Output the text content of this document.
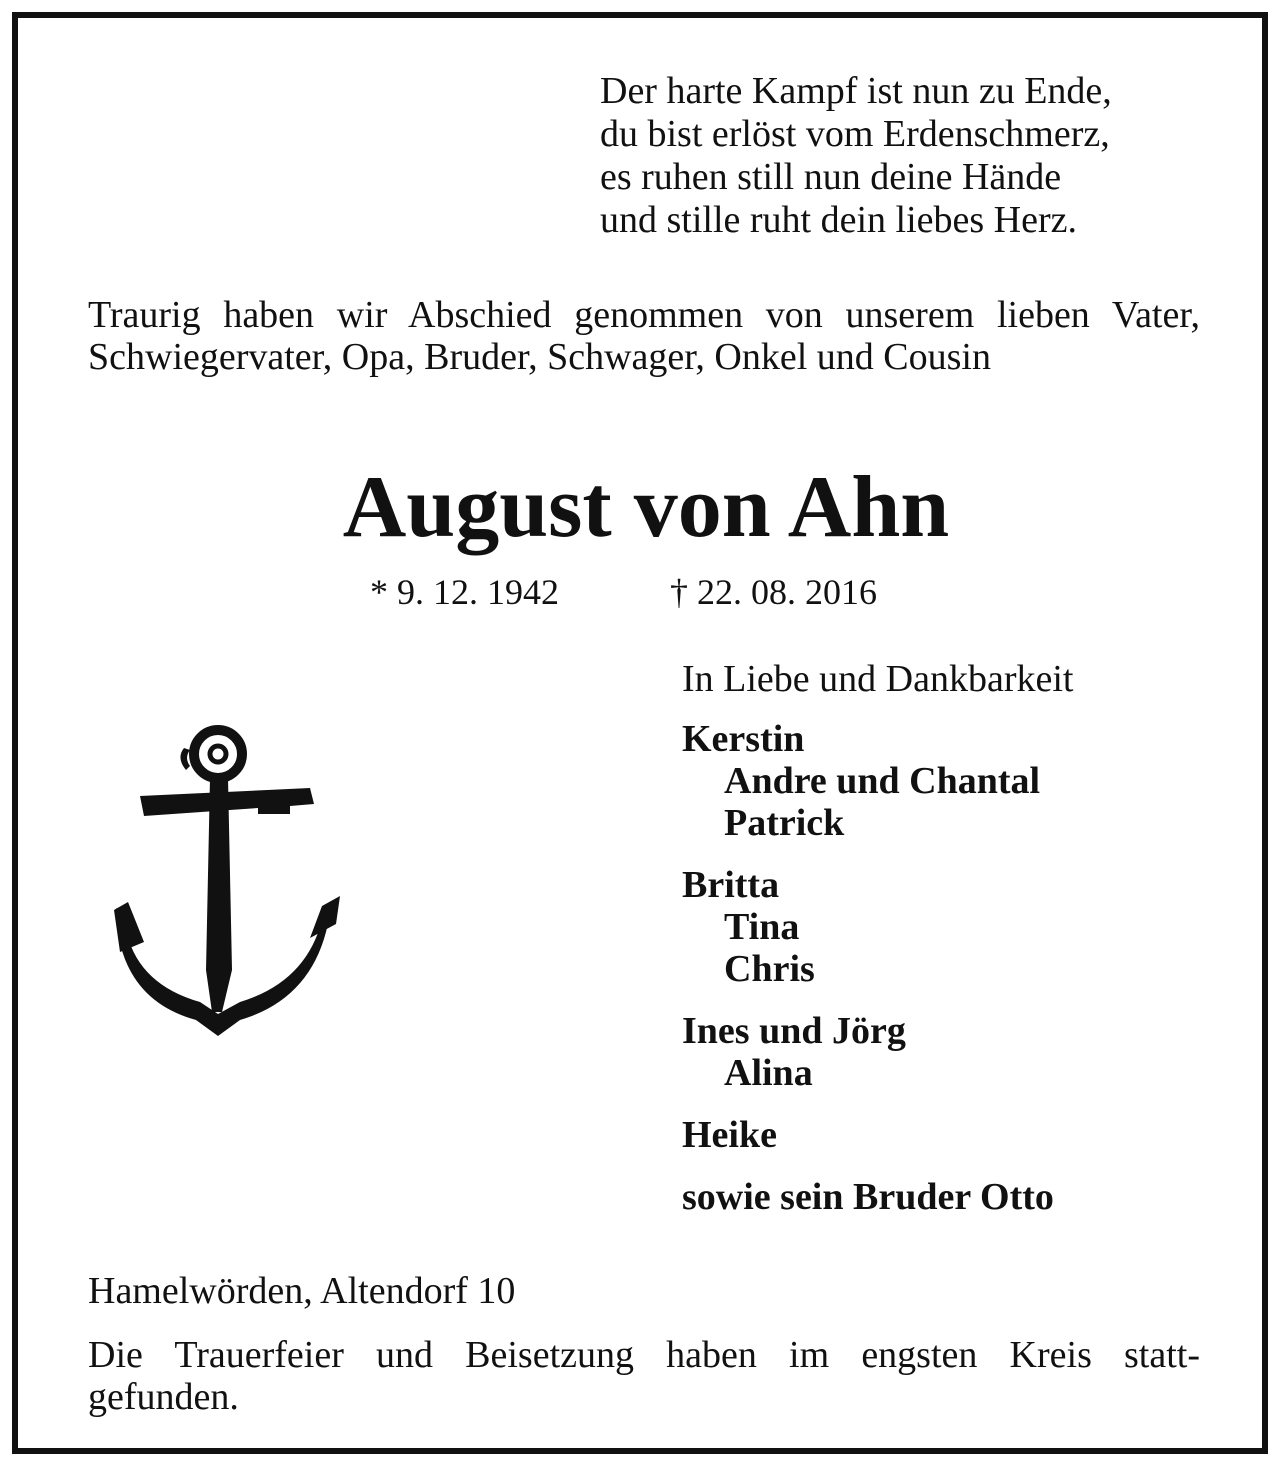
Der harte Kampf ist nun zu Ende,
du bist erlöst vom Erdenschmerz,
es ruhen still nun deine Hände
und stille ruht dein liebes Herz.
Traurig haben wir Abschied genommen von unserem lieben Vater, Schwiegervater, Opa, Bruder, Schwager, Onkel und Cousin
August von Ahn
* 9. 12. 1942	† 22. 08. 2016
In Liebe und Dankbarkeit
Kerstin
Andre und Chantal
Patrick
Britta
Tina
Chris
Ines und Jörg
Alina
Heike
sowie sein Bruder Otto
Hamelwörden, Altendorf 10
Die Trauerfeier und Beisetzung haben im engsten Kreis statt-
gefunden.
